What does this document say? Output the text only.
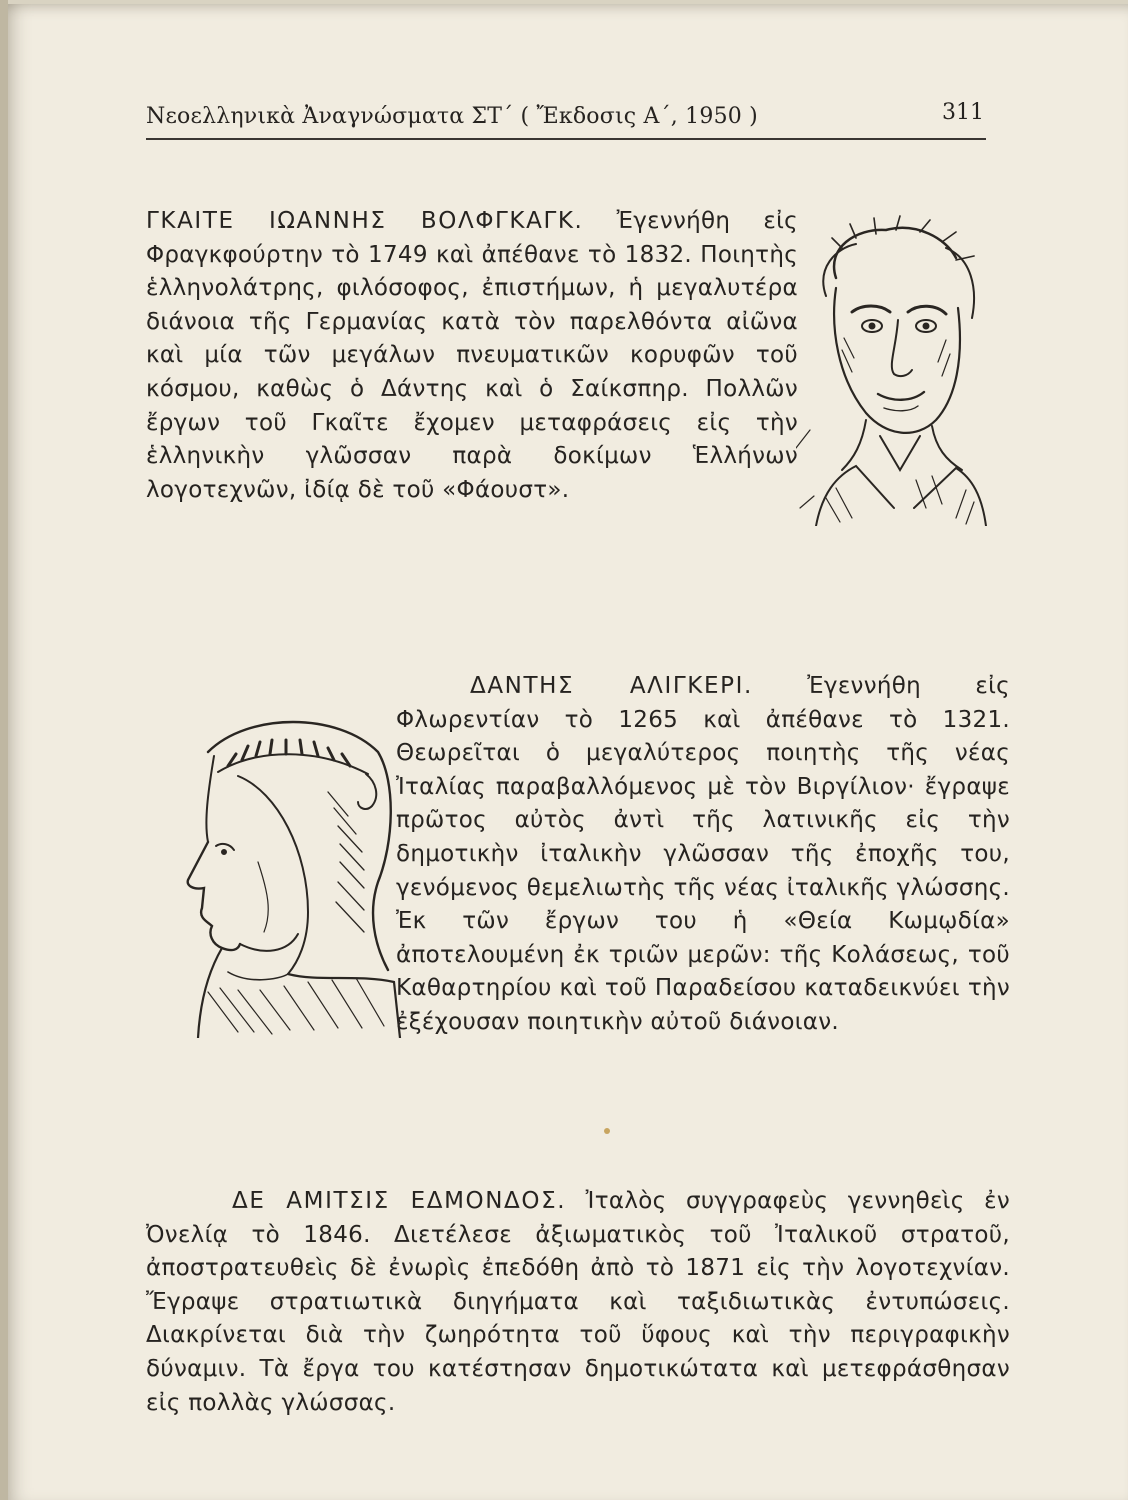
Νεοελληνικὰ Ἀναγνώσματα ΣΤ΄ ( Ἔκδοσις Α΄, 1950 )	311
ΓΚΑΙΤΕ ΙΩΑΝΝΗΣ ΒΟΛΦΓΚΑΓΚ. Ἐγεννήθη εἰς Φραγκφούρτην τὸ 1749 καὶ ἀπέθανε τὸ 1832. Ποιητὴς ἑλληνολάτρης, φιλόσοφος, ἐπιστήμων, ἡ μεγαλυτέρα διάνοια τῆς Γερμανίας κατὰ τὸν παρελθόντα αἰῶνα καὶ μία τῶν μεγάλων πνευματικῶν κορυφῶν τοῦ κόσμου, καθὼς ὁ Δάντης καὶ ὁ Σαίκσπηρ. Πολλῶν ἔργων τοῦ Γκαῖτε ἔχομεν μεταφράσεις εἰς τὴν ἑλληνικὴν γλῶσσαν παρὰ δοκίμων Ἑλλήνων λογοτεχνῶν, ἰδίᾳ δὲ τοῦ «Φάουστ».
ΔΑΝΤΗΣ ΑΛΙΓΚΕΡΙ. Ἐγεννήθη εἰς Φλωρεντίαν τὸ 1265 καὶ ἀπέθανε τὸ 1321. Θεωρεῖται ὁ μεγαλύτερος ποιητὴς τῆς νέας Ἰταλίας παραβαλλόμενος μὲ τὸν Βιργίλιον· ἔγραψε πρῶτος αὐτὸς ἀντὶ τῆς λατινικῆς εἰς τὴν δημοτικὴν ἰταλικὴν γλῶσσαν τῆς ἐποχῆς του, γενόμενος θεμελιωτὴς τῆς νέας ἰταλικῆς γλώσσης. Ἐκ τῶν ἔργων του ἡ «Θεία Κωμῳδία» ἀποτελουμένη ἐκ τριῶν μερῶν: τῆς Κολάσεως, τοῦ Καθαρτηρίου καὶ τοῦ Παραδείσου καταδεικνύει τὴν ἐξέχουσαν ποιητικὴν αὐτοῦ διάνοιαν.
ΔΕ ΑΜΙΤΣΙΣ ΕΔΜΟΝΔΟΣ. Ἰταλὸς συγγραφεὺς γεννηθεὶς ἐν Ὀνελίᾳ τὸ 1846. Διετέλεσε ἀξιωματικὸς τοῦ Ἰταλικοῦ στρατοῦ, ἀποστρατευθεὶς δὲ ἐνωρὶς ἐπεδόθη ἀπὸ τὸ 1871 εἰς τὴν λογοτεχνίαν. Ἔγραψε στρατιωτικὰ διηγήματα καὶ ταξιδιωτικὰς ἐντυπώσεις. Διακρίνεται διὰ τὴν ζωηρότητα τοῦ ὕφους καὶ τὴν περιγραφικὴν δύναμιν. Τὰ ἔργα του κατέστησαν δημοτικώτατα καὶ μετεφράσθησαν εἰς πολλὰς γλώσσας.
